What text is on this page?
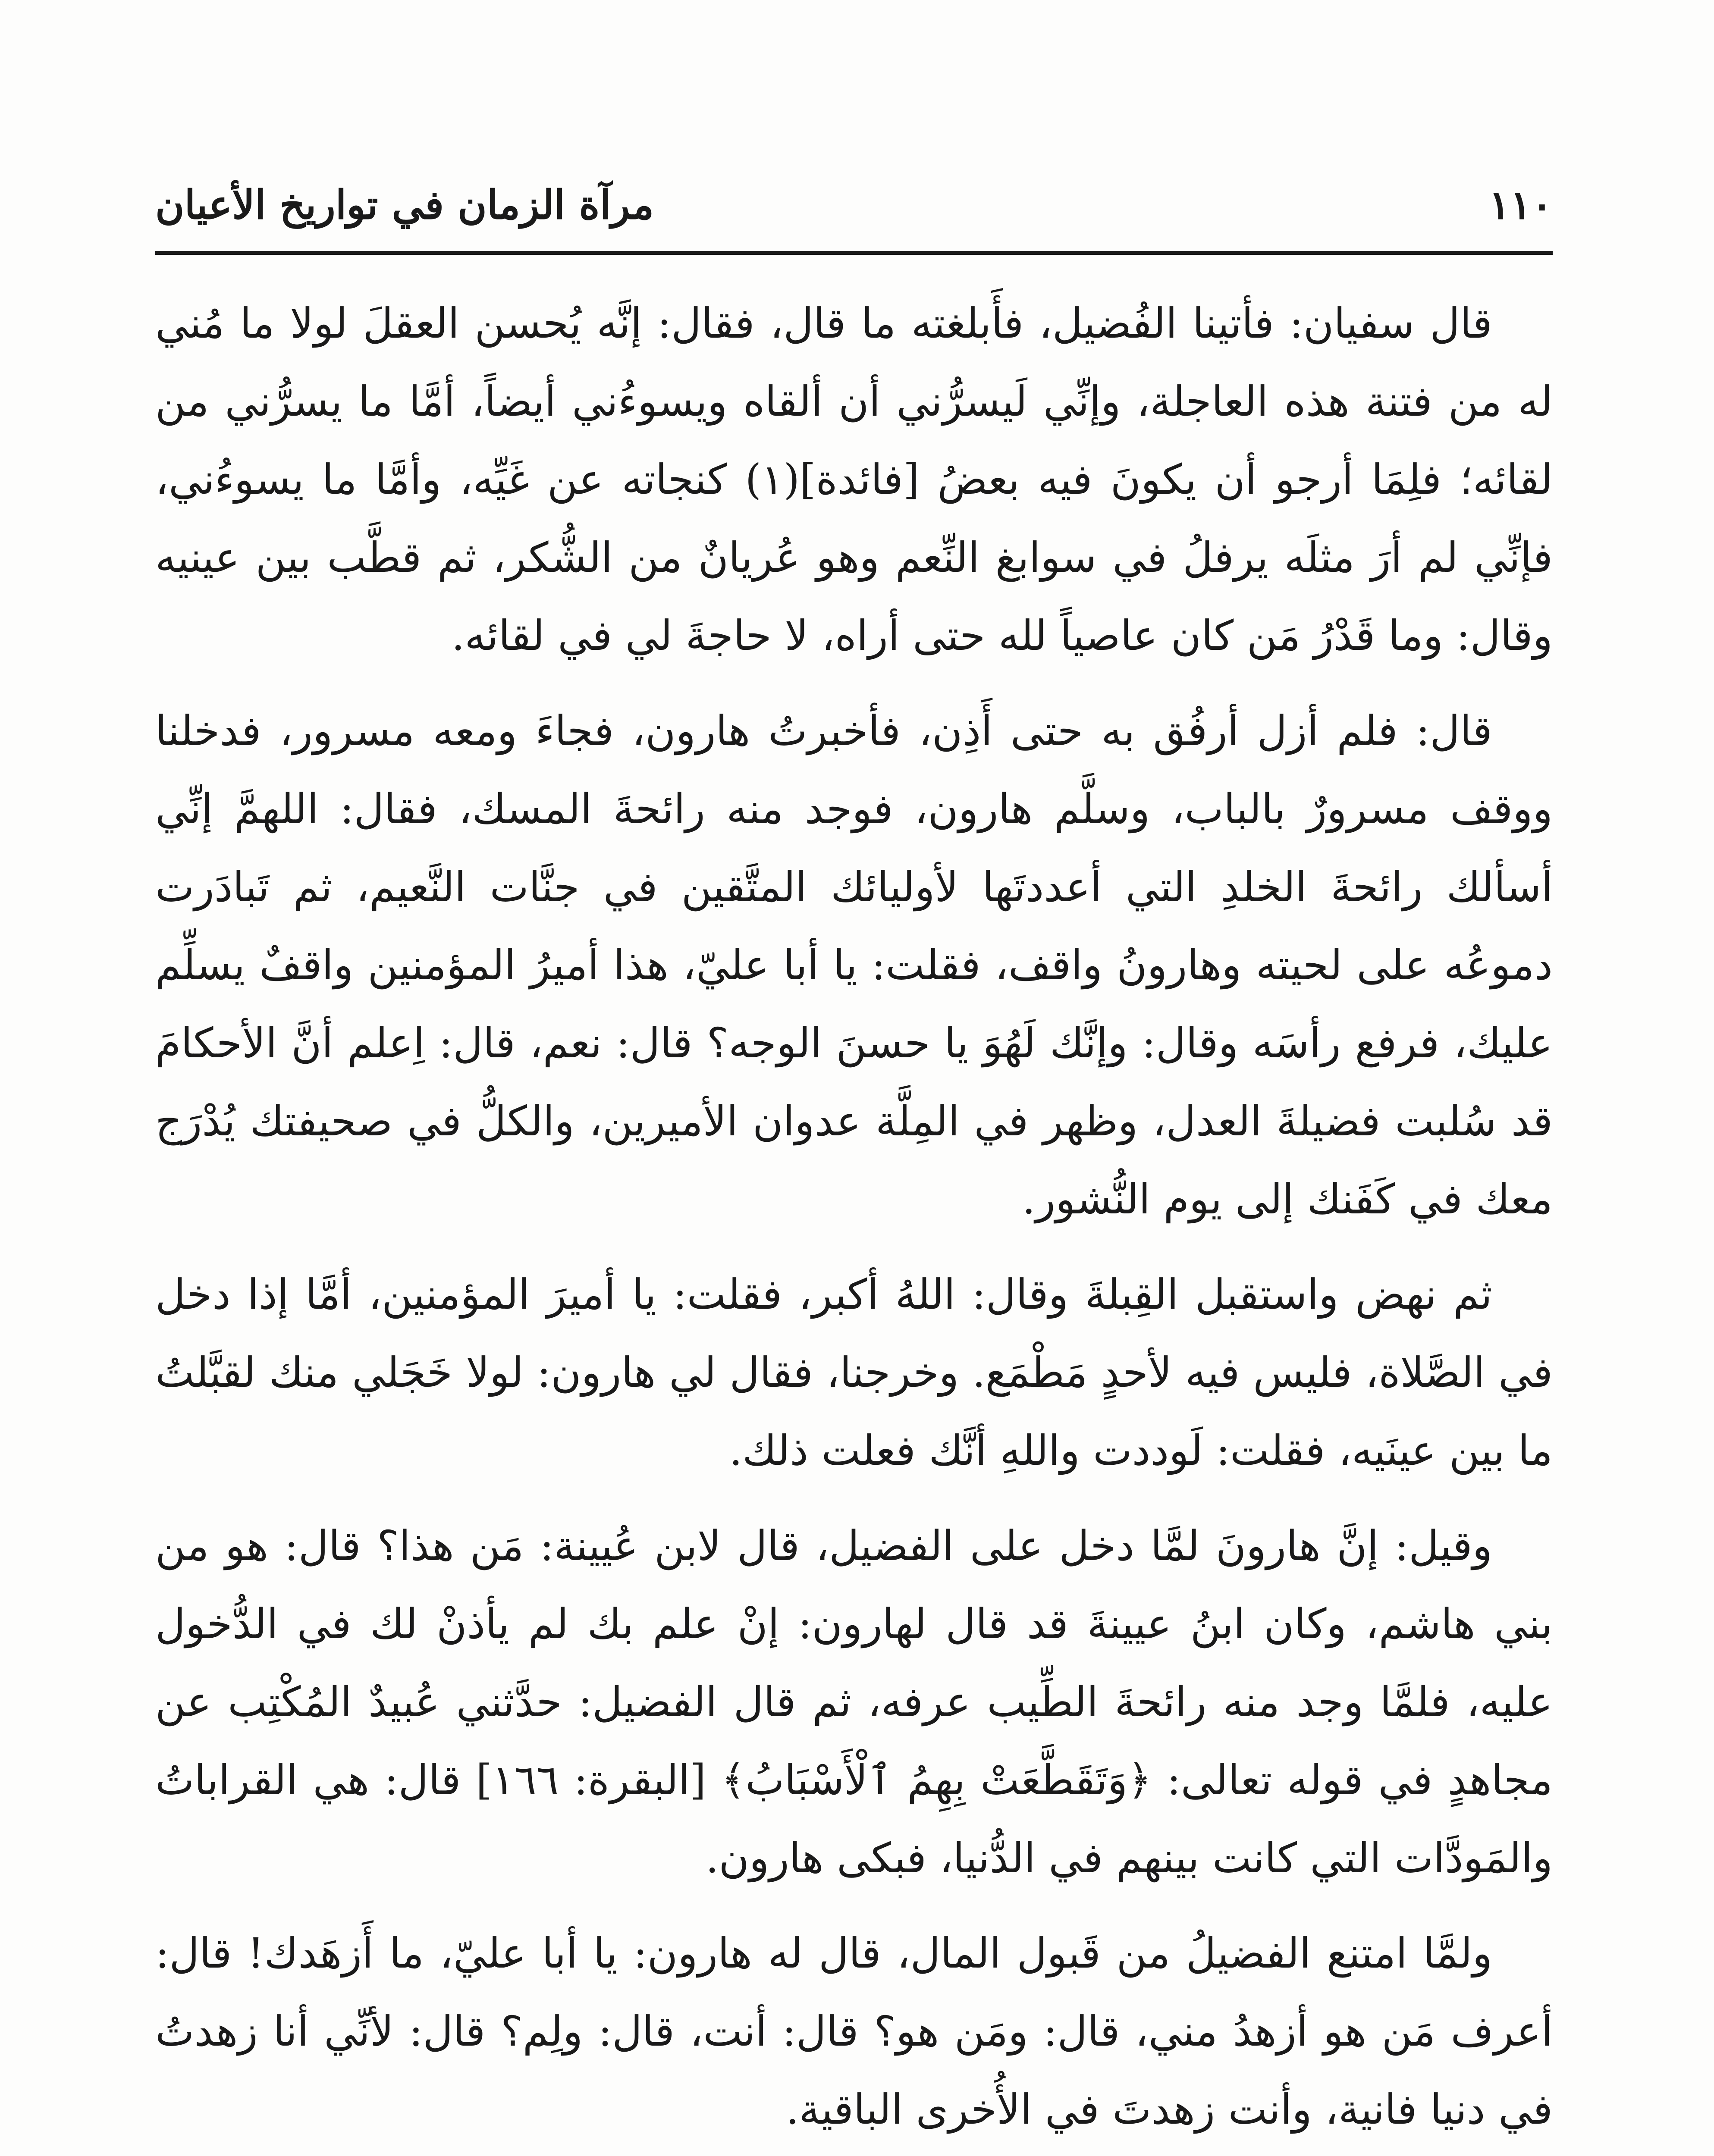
١١٠
مرآة الزمان في تواريخ الأعيان

قال سفيان: فأتينا الفُضيل، فأَبلغته ما قال، فقال: إنَّه يُحسن العقلَ لولا ما مُني له من فتنة هذه العاجلة، وإنِّي لَيسرُّني أن ألقاه ويسوءُني أيضاً، أمَّا ما يسرُّني من لقائه؛ فلِمَا أرجو أن يكونَ فيه بعضُ [فائدة](١) كنجاته عن غَيِّه، وأمَّا ما يسوءُني، فإنِّي لم أرَ مثلَه يرفلُ في سوابغ النِّعم وهو عُريانٌ من الشُّكر، ثم قطَّب بين عينيه وقال: وما قَدْرُ مَن كان عاصياً لله حتى أراه، لا حاجةَ لي في لقائه.

قال: فلم أزل أرفُق به حتى أَذِن، فأخبرتُ هارون، فجاءَ ومعه مسرور، فدخلنا ووقف مسرورٌ بالباب، وسلَّم هارون، فوجد منه رائحةَ المسك، فقال: اللهمَّ إنِّي أسألك رائحةَ الخلدِ التي أعددتَها لأوليائك المتَّقين في جنَّات النَّعيم، ثم تَبادَرت دموعُه على لحيته وهارونُ واقف، فقلت: يا أبا عليّ، هذا أميرُ المؤمنين واقفٌ يسلِّم عليك، فرفع رأسَه وقال: وإنَّك لَهُوَ يا حسنَ الوجه؟ قال: نعم، قال: اِعلم أنَّ الأحكامَ قد سُلبت فضيلةَ العدل، وظهر في المِلَّة عدوان الأميرين، والكلُّ في صحيفتك يُدْرَج معك في كَفَنك إلى يوم النُّشور.

ثم نهض واستقبل القِبلةَ وقال: اللهُ أكبر، فقلت: يا أميرَ المؤمنين، أمَّا إذا دخل في الصَّلاة، فليس فيه لأحدٍ مَطْمَع. وخرجنا، فقال لي هارون: لولا خَجَلي منك لقبَّلتُ ما بين عينَيه، فقلت: لَوددت واللهِ أنَّك فعلت ذلك.

وقيل: إنَّ هارونَ لمَّا دخل على الفضيل، قال لابن عُيينة: مَن هذا؟ قال: هو من بني هاشم، وكان ابنُ عيينةَ قد قال لهارون: إنْ علم بك لم يأذنْ لك في الدُّخول عليه، فلمَّا وجد منه رائحةَ الطِّيب عرفه، ثم قال الفضيل: حدَّثني عُبيدٌ المُكْتِب عن مجاهدٍ في قوله تعالى: ﴿وَتَقَطَّعَتْ بِهِمُ ٱلْأَسْبَابُ﴾ [البقرة: ١٦٦] قال: هي القراباتُ والمَودَّات التي كانت بينهم في الدُّنيا، فبكى هارون.

ولمَّا امتنع الفضيلُ من قَبول المال، قال له هارون: يا أبا عليّ، ما أَزهَدك! قال: أعرف مَن هو أزهدُ مني، قال: ومَن هو؟ قال: أنت، قال: ولِم؟ قال: لأنِّي أنا زهدتُ في دنيا فانية، وأنت زهدتَ في الأُخرى الباقية.
